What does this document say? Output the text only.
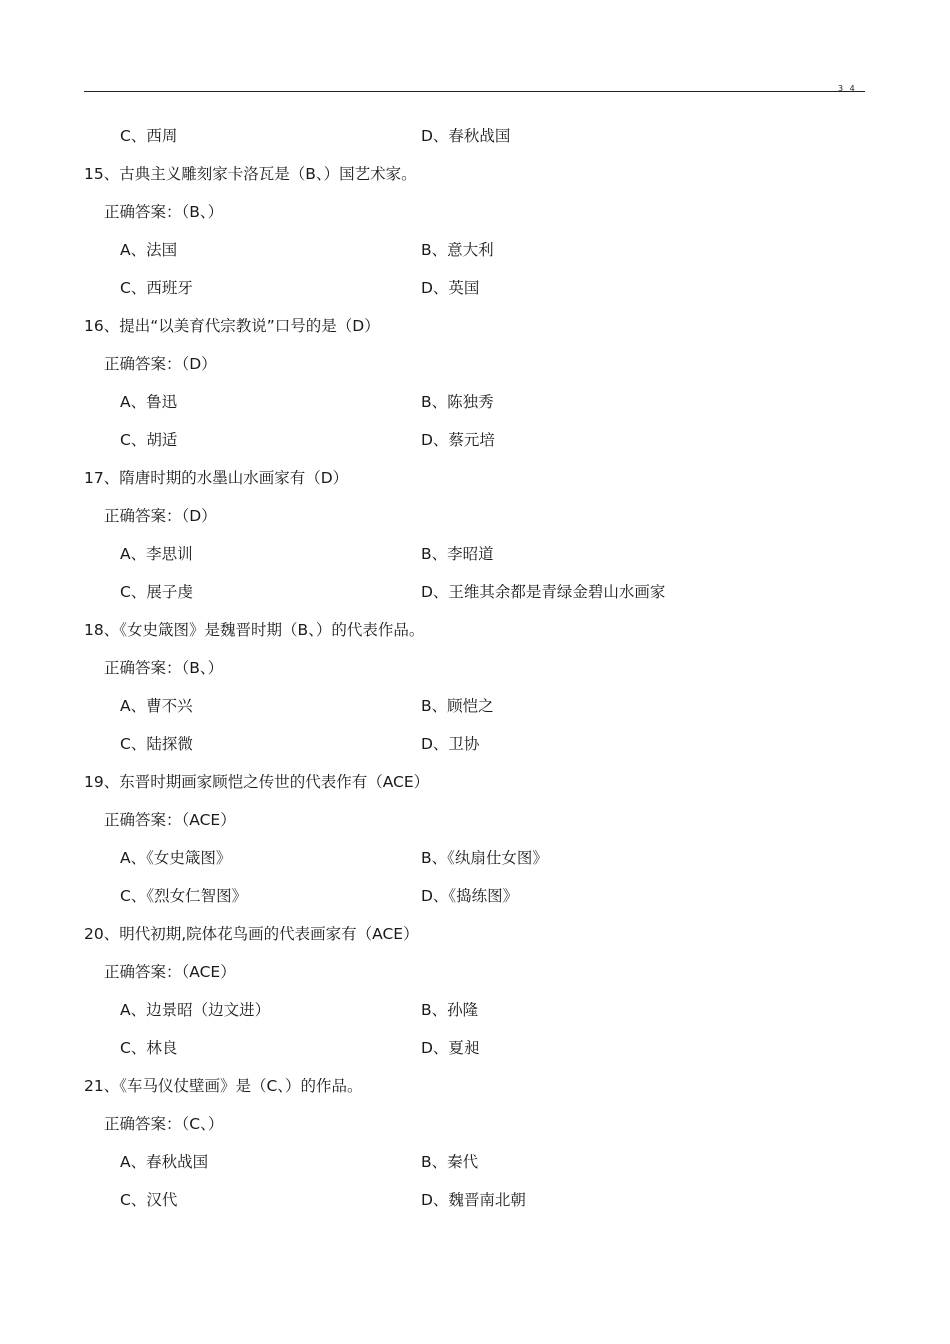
3 4
C、西周	D、春秋战国
15、古典主义雕刻家卡洛瓦是（B、）国艺术家。
正确答案：（B、）
A、法国	B、意大利
C、西班牙	D、英国
16、提出“以美育代宗教说”口号的是（D）
正确答案：（D）
A、鲁迅	B、陈独秀
C、胡适	D、蔡元培
17、隋唐时期的水墨山水画家有（D）
正确答案：（D）
A、李思训	B、李昭道
C、展子虔	D、王维其余都是青绿金碧山水画家
18、《女史箴图》是魏晋时期（B、）的代表作品。
正确答案：（B、）
A、曹不兴	B、顾恺之
C、陆探微	D、卫协
19、东晋时期画家顾恺之传世的代表作有（ACE）
正确答案：（ACE）
A、《女史箴图》	B、《纨扇仕女图》
C、《烈女仁智图》	D、《捣练图》
20、明代初期,院体花鸟画的代表画家有（ACE）
正确答案：（ACE）
A、边景昭（边文进）	B、孙隆
C、林良	D、夏昶
21、《车马仪仗壁画》是（C、）的作品。
正确答案：（C、）
A、春秋战国	B、秦代
C、汉代	D、魏晋南北朝
